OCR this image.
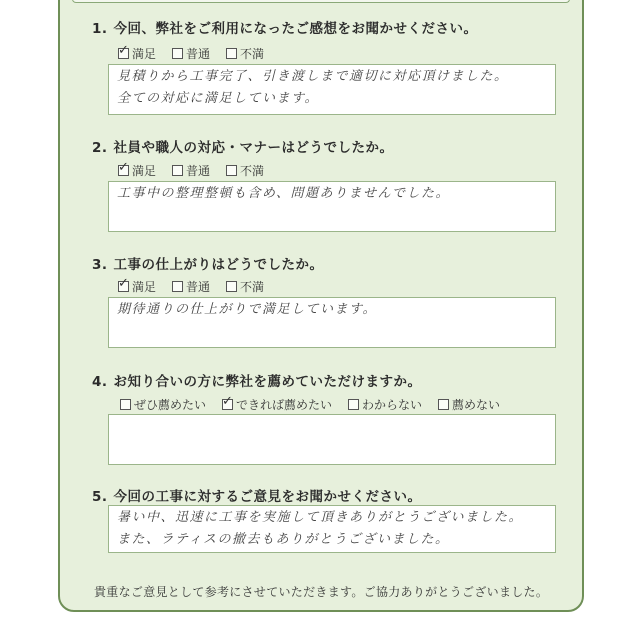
1. 今回、弊社をご利用になったご感想をお聞かせください。
✓
満足	普通	不満
見積りから工事完了、引き渡しまで適切に対応頂けました。
全ての対応に満足しています。
2. 社員や職人の対応・マナーはどうでしたか。
✓
満足	普通	不満
工事中の整理整頓も含め、問題ありませんでした。
3. 工事の仕上がりはどうでしたか。
✓
満足	普通	不満
期待通りの仕上がりで満足しています。
4. お知り合いの方に弊社を薦めていただけますか。
ぜひ薦めたい
✓	できれば薦めたい	わからない	薦めない
5. 今回の工事に対するご意見をお聞かせください。
暑い中、迅速に工事を実施して頂きありがとうございました。
また、ラティスの撤去もありがとうございました。
貴重なご意見として参考にさせていただきます。ご協力ありがとうございました。
